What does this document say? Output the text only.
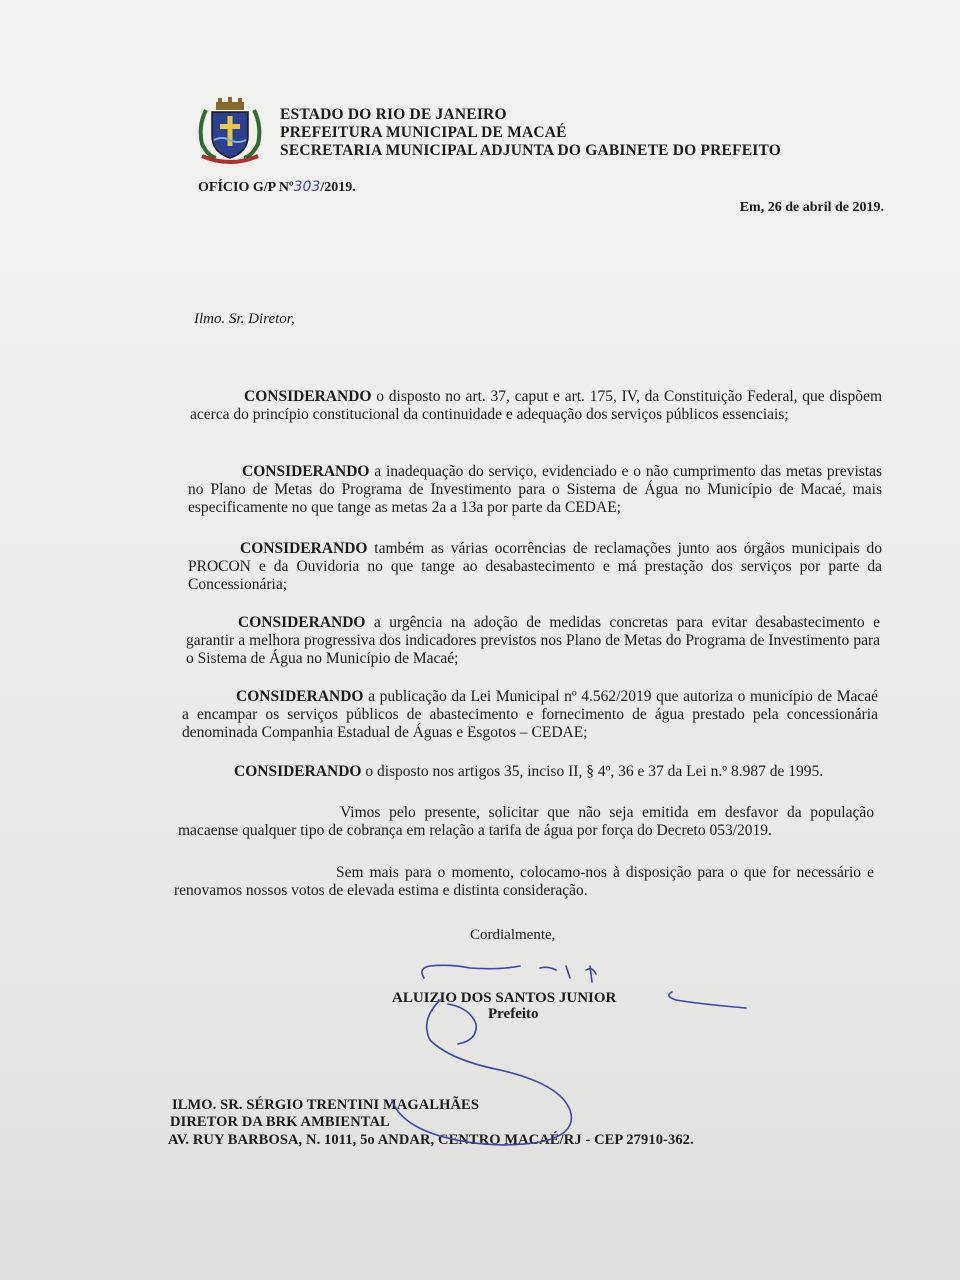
ESTADO DO RIO DE JANEIRO
PREFEITURA MUNICIPAL DE MACAÉ
SECRETARIA MUNICIPAL ADJUNTA DO GABINETE DO PREFEITO
OFÍCIO G/P Nº303/2019.
Em, 26 de abril de 2019.
Ilmo. Sr. Diretor,
CONSIDERANDO o disposto no art. 37, caput e art. 175, IV, da Constituição Federal, que dispõem acerca do princípio constitucional da continuidade e adequação dos serviços públicos essenciais;
CONSIDERANDO a inadequação do serviço, evidenciado e o não cumprimento das metas previstas no Plano de Metas do Programa de Investimento para o Sistema de Água no Município de Macaé, mais especificamente no que tange as metas 2a a 13a por parte da CEDAE;
CONSIDERANDO também as várias ocorrências de reclamações junto aos órgãos municipais do PROCON e da Ouvidoria no que tange ao desabastecimento e má prestação dos serviços por parte da Concessionária;
CONSIDERANDO a urgência na adoção de medidas concretas para evitar desabastecimento e garantir a melhora progressiva dos indicadores previstos nos Plano de Metas do Programa de Investimento para o Sistema de Água no Município de Macaé;
CONSIDERANDO a publicação da Lei Municipal nº 4.562/2019 que autoriza o município de Macaé a encampar os serviços públicos de abastecimento e fornecimento de água prestado pela concessionária denominada Companhia Estadual de Águas e Esgotos – CEDAE;
CONSIDERANDO o disposto nos artigos 35, inciso II, § 4º, 36 e 37 da Lei n.º 8.987 de 1995.
Vimos pelo presente, solicitar que não seja emitida em desfavor da população macaense qualquer tipo de cobrança em relação a tarifa de água por força do Decreto 053/2019.
Sem mais para o momento, colocamo-nos à disposição para o que for necessário e renovamos nossos votos de elevada estima e distinta consideração.
Cordialmente,
ALUIZIO DOS SANTOS JUNIOR
Prefeito
ILMO. SR. SÉRGIO TRENTINI MAGALHÃES
DIRETOR DA BRK AMBIENTAL
AV. RUY BARBOSA, N. 1011, 5o ANDAR, CENTRO MACAÉ/RJ - CEP 27910-362.
